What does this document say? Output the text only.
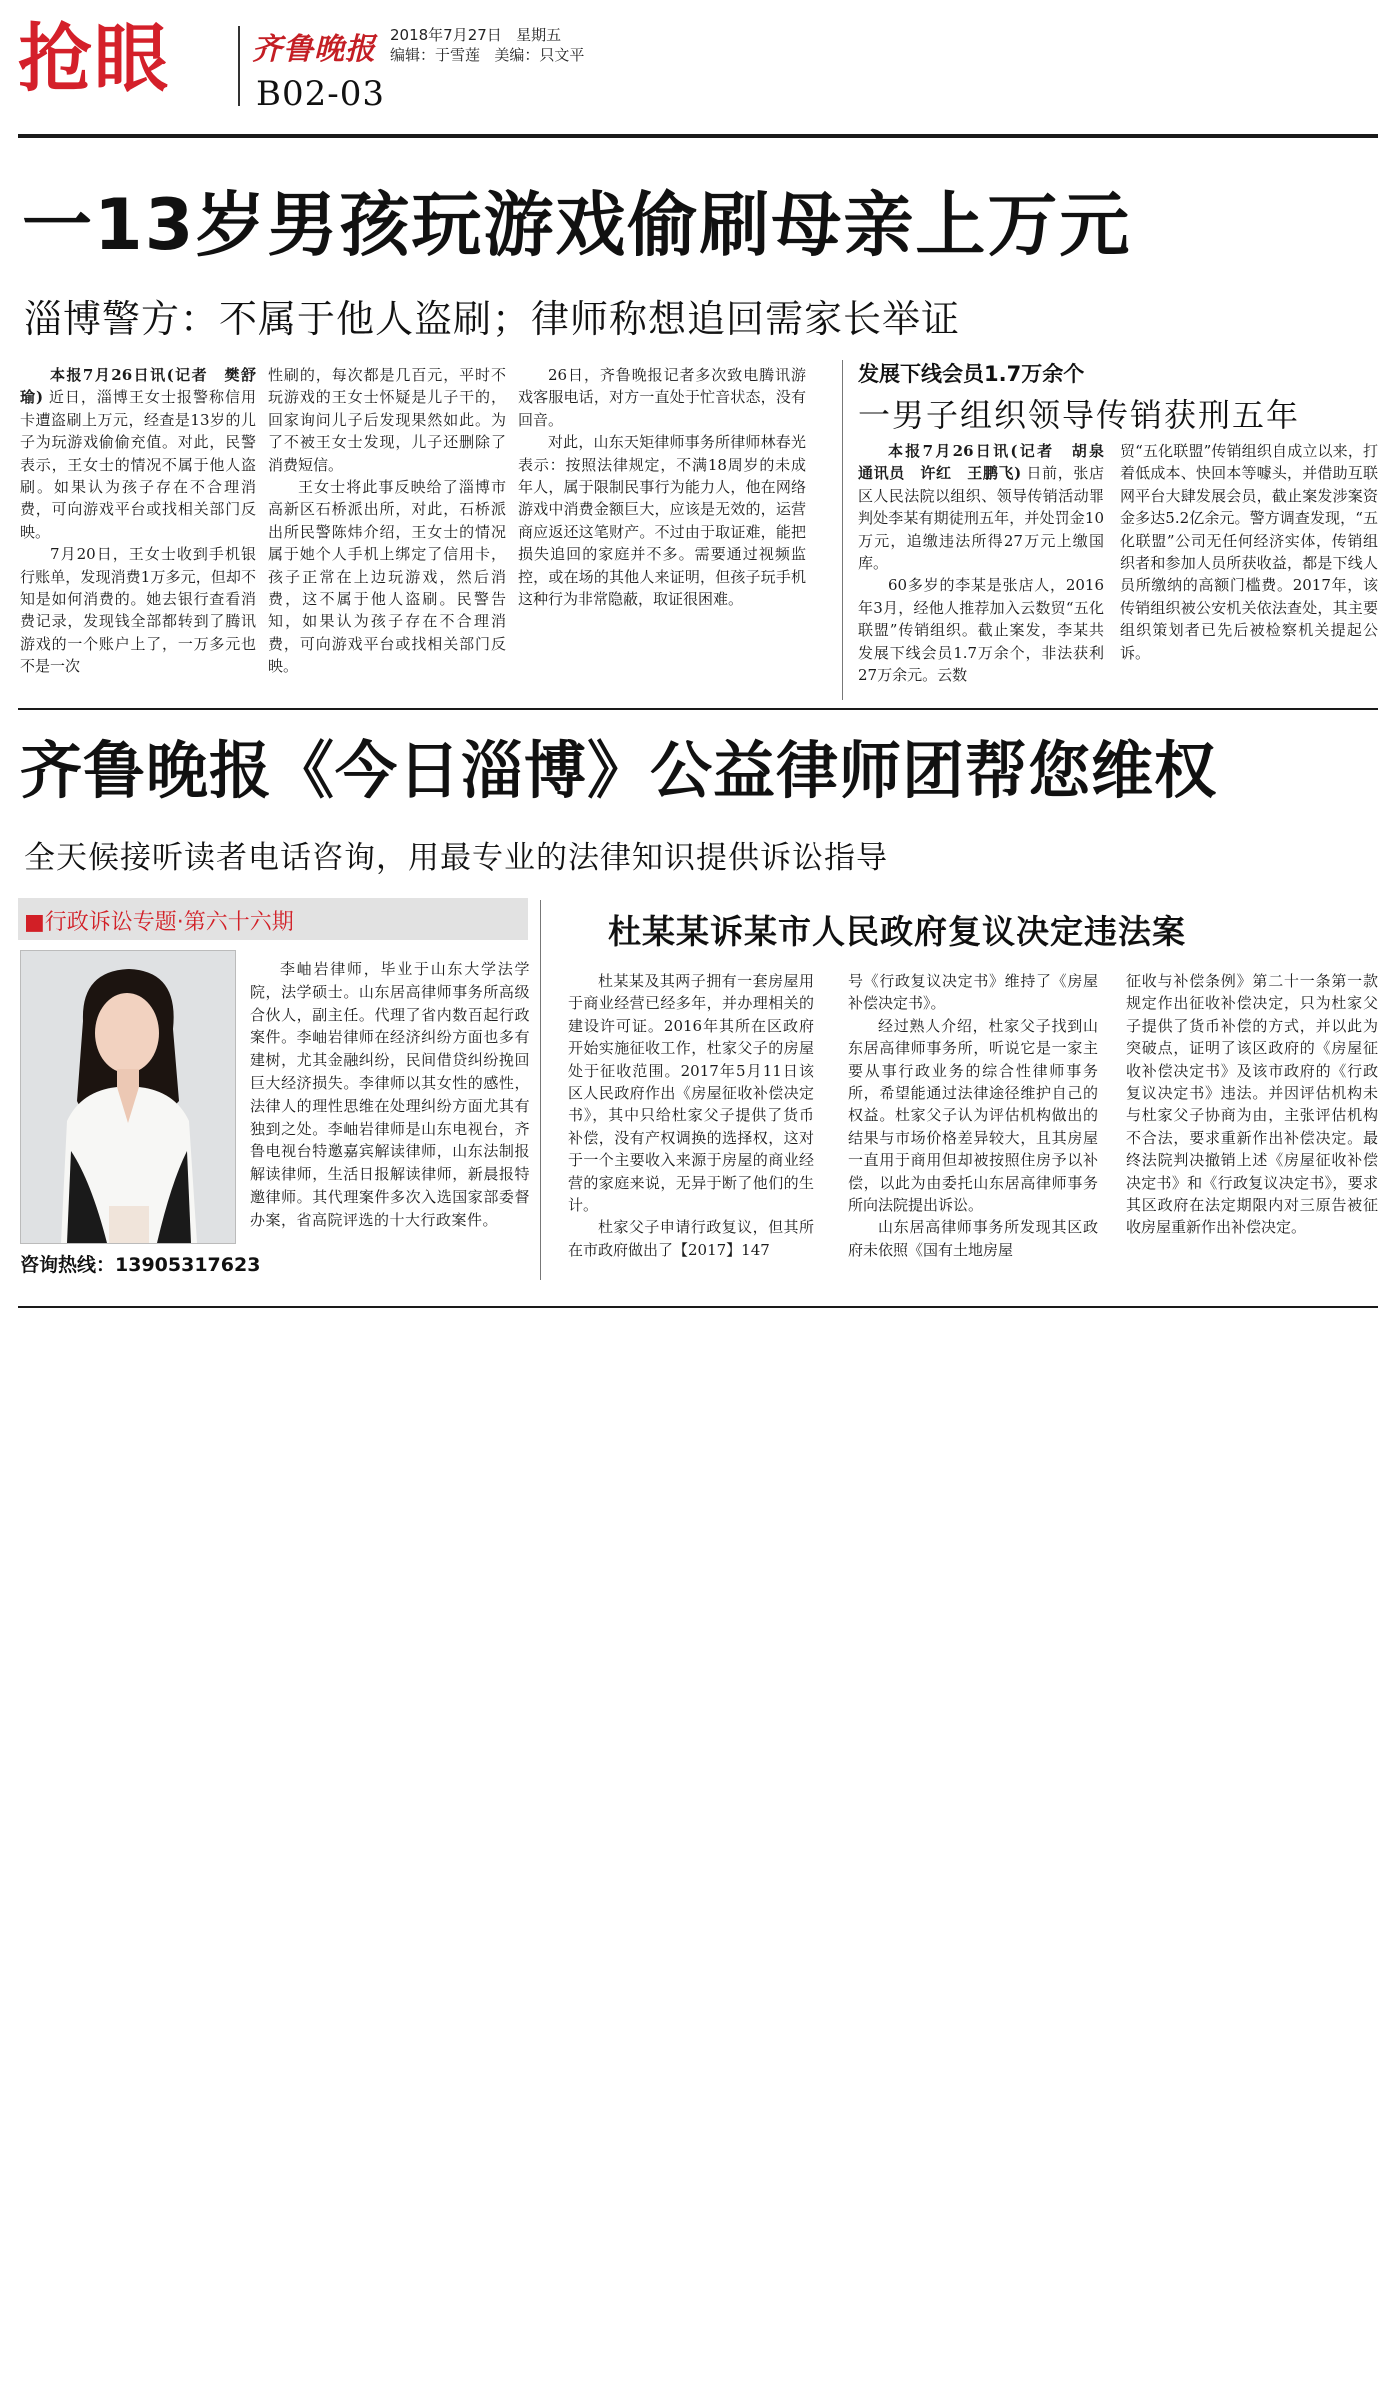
抢眼	齐鲁晚报 2018年7月27日 星期五
编辑：于雪莲 美编：只文平
B02-03
一13岁男孩玩游戏偷刷母亲上万元
淄博警方：不属于他人盗刷；律师称想追回需家长举证

本报7月26日讯(记者　樊舒瑜) 近日，淄博王女士报警称信用卡遭盗刷上万元，经查是13岁的儿子为玩游戏偷偷充值。对此，民警表示，王女士的情况不属于他人盗刷。如果认为孩子存在不合理消费，可向游戏平台或找相关部门反映。

7月20日，王女士收到手机银行账单，发现消费1万多元，但却不知是如何消费的。她去银行查看消费记录，发现钱全部都转到了腾讯游戏的一个账户上了，一万多元也不是一次

性刷的，每次都是几百元，平时不玩游戏的王女士怀疑是儿子干的，回家询问儿子后发现果然如此。为了不被王女士发现，儿子还删除了消费短信。

王女士将此事反映给了淄博市高新区石桥派出所，对此，石桥派出所民警陈炜介绍，王女士的情况属于她个人手机上绑定了信用卡，孩子正常在上边玩游戏，然后消费，这不属于他人盗刷。民警告知，如果认为孩子存在不合理消费，可向游戏平台或找相关部门反映。

26日，齐鲁晚报记者多次致电腾讯游戏客服电话，对方一直处于忙音状态，没有回音。

对此，山东天矩律师事务所律师林春光表示：按照法律规定，不满18周岁的未成年人，属于限制民事行为能力人，他在网络游戏中消费金额巨大，应该是无效的，运营商应返还这笔财产。不过由于取证难，能把损失追回的家庭并不多。需要通过视频监控，或在场的其他人来证明，但孩子玩手机这种行为非常隐蔽，取证很困难。

发展下线会员1.7万余个
一男子组织领导传销获刑五年

本报7月26日讯(记者　胡泉　通讯员　许红　王鹏飞) 日前，张店区人民法院以组织、领导传销活动罪判处李某有期徒刑五年，并处罚金10万元，追缴违法所得27万元上缴国库。

60多岁的李某是张店人，2016年3月，经他人推荐加入云数贸“五化联盟”传销组织。截止案发，李某共发展下线会员1.7万余个，非法获利27万余元。云数

贸“五化联盟”传销组织自成立以来，打着低成本、快回本等噱头，并借助互联网平台大肆发展会员，截止案发涉案资金多达5.2亿余元。警方调查发现，“五化联盟”公司无任何经济实体，传销组织者和参加人员所获收益，都是下线人员所缴纳的高额门槛费。2017年，该传销组织被公安机关依法查处，其主要组织策划者已先后被检察机关提起公诉。

齐鲁晚报《今日淄博》公益律师团帮您维权
全天候接听读者电话咨询，用最专业的法律知识提供诉讼指导
■行政诉讼专题·第六十六期
咨询热线：13905317623

李岫岩律师，毕业于山东大学法学院，法学硕士。山东居高律师事务所高级合伙人，副主任。代理了省内数百起行政案件。李岫岩律师在经济纠纷方面也多有建树，尤其金融纠纷，民间借贷纠纷挽回巨大经济损失。李律师以其女性的感性，法律人的理性思维在处理纠纷方面尤其有独到之处。李岫岩律师是山东电视台，齐鲁电视台特邀嘉宾解读律师，山东法制报解读律师，生活日报解读律师，新晨报特邀律师。其代理案件多次入选国家部委督办案，省高院评选的十大行政案件。

杜某某诉某市人民政府复议决定违法案

杜某某及其两子拥有一套房屋用于商业经营已经多年，并办理相关的建设许可证。2016年其所在区政府开始实施征收工作，杜家父子的房屋处于征收范围。2017年5月11日该区人民政府作出《房屋征收补偿决定书》，其中只给杜家父子提供了货币补偿，没有产权调换的选择权，这对于一个主要收入来源于房屋的商业经营的家庭来说，无异于断了他们的生计。

杜家父子申请行政复议，但其所在市政府做出了【2017】147

号《行政复议决定书》维持了《房屋补偿决定书》。

经过熟人介绍，杜家父子找到山东居高律师事务所，听说它是一家主要从事行政业务的综合性律师事务所，希望能通过法律途径维护自己的权益。杜家父子认为评估机构做出的结果与市场价格差异较大，且其房屋一直用于商用但却被按照住房予以补偿，以此为由委托山东居高律师事务所向法院提出诉讼。

山东居高律师事务所发现其区政府未依照《国有土地房屋

征收与补偿条例》第二十一条第一款规定作出征收补偿决定，只为杜家父子提供了货币补偿的方式，并以此为突破点，证明了该区政府的《房屋征收补偿决定书》及该市政府的《行政复议决定书》违法。并因评估机构未与杜家父子协商为由，主张评估机构不合法，要求重新作出补偿决定。最终法院判决撤销上述《房屋征收补偿决定书》和《行政复议决定书》，要求其区政府在法定期限内对三原告被征收房屋重新作出补偿决定。
